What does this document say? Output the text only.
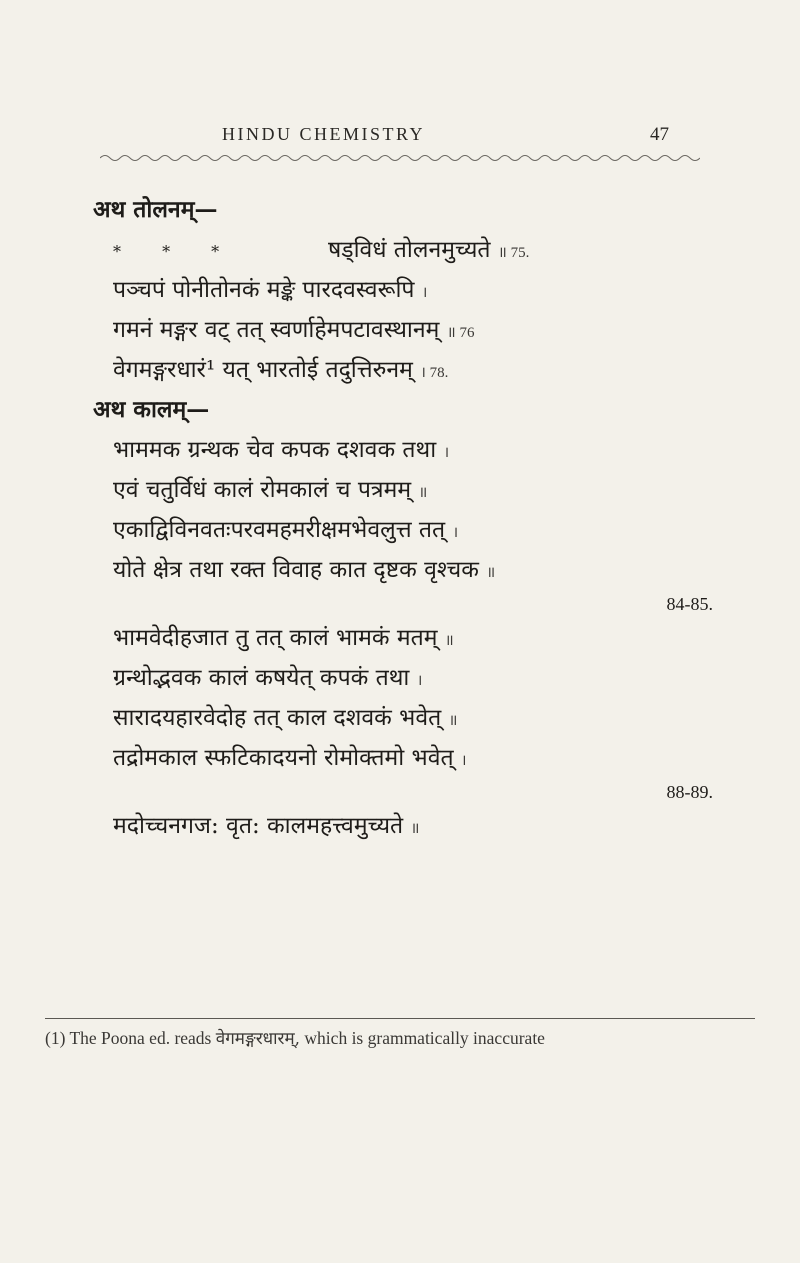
HINDU CHEMISTRY	47
अथ तोलनम्—
* * *	षड्विधं तोलनमुच्यते ॥ 75.
पञ्चपं पोनीतोनकं मङ्के पारदवस्वरूपि ।
गमनं मङ्गर वट् तत् स्वर्णाहेमपटावस्थानम् ॥ 76
वेगमङ्गरधारं¹ यत् भारतोई तदुत्तिरुनम् । 78.
अथ कालम्—
भाममक ग्रन्थक चेव कपक दशवक तथा ।
एवं चतुर्विधं कालं रोमकालं च पत्रमम् ॥
एकाद्विविनवतःपरवमहमरीक्षमभेवलुत्त तत् ।
योते क्षेत्र तथा रक्त विवाह कात दृष्टक वृश्चक ॥
84-85.
भामवेदीहजात तु तत् कालं भामकं मतम् ॥
ग्रन्थोद्भवक कालं कषयेत् कपकं तथा ।
सारादयहारवेदोह तत् काल दशवकं भवेत् ॥
तद्रोमकाल स्फटिकादयनो रोमोक्तमो भवेत् ।
88-89.
मदोच्चनगज: वृत: कालमहत्त्वमुच्यते ॥
(1) The Poona ed. reads वेगमङ्गरधारम्, which is grammatically inaccurate
